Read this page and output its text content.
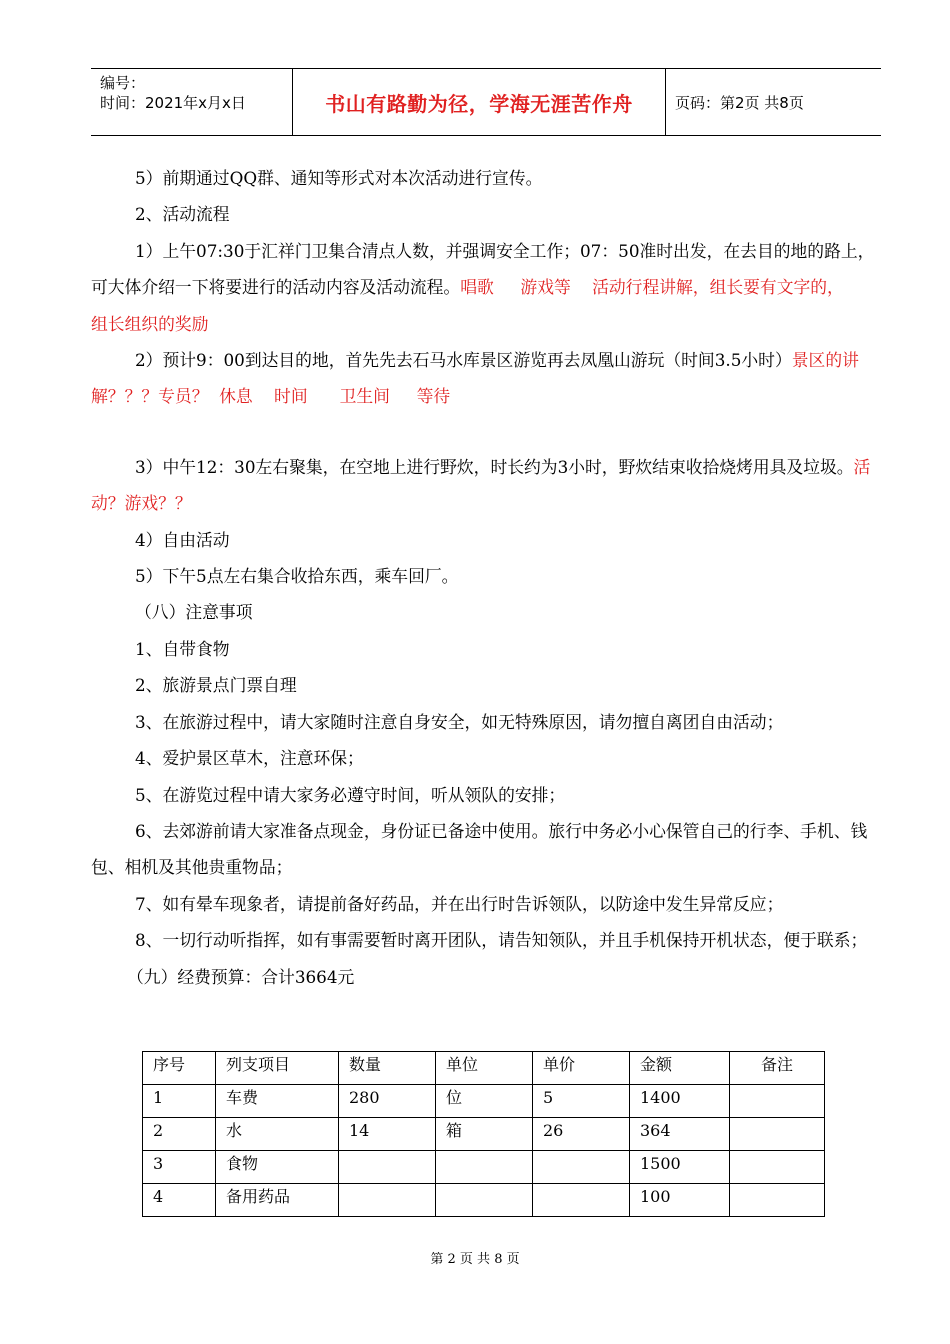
编号：
时间：2021年x月x日	书山有路勤为径，学海无涯苦作舟	页码：第2页 共8页

5）前期通过QQ群、通知等形式对本次活动进行宣传。

2、活动流程

1）上午07:30于汇祥门卫集合清点人数，并强调安全工作；07：50准时出发，在去目的地的路上，可大体介绍一下将要进行的活动内容及活动流程。唱歌     游戏等    活动行程讲解，组长要有文字的，      组长组织的奖励

2）预计9：00到达目的地，首先先去石马水库景区游览再去凤凰山游玩（时间3.5小时）景区的讲解？？？专员？  休息    时间      卫生间     等待

3）中午12：30左右聚集，在空地上进行野炊，时长约为3小时，野炊结束收拾烧烤用具及垃圾。活动？游戏？？

4）自由活动

5）下午5点左右集合收拾东西，乘车回厂。

（八）注意事项

1、自带食物

2、旅游景点门票自理

3、在旅游过程中，请大家随时注意自身安全，如无特殊原因，请勿擅自离团自由活动；

4、爱护景区草木，注意环保；

5、在游览过程中请大家务必遵守时间，听从领队的安排；

6、去郊游前请大家准备点现金，身份证已备途中使用。旅行中务必小心保管自己的行李、手机、钱包、相机及其他贵重物品；

7、如有晕车现象者，请提前备好药品，并在出行时告诉领队，以防途中发生异常反应；

8、一切行动听指挥，如有事需要暂时离开团队，请告知领队，并且手机保持开机状态，便于联系；

（九）经费预算：合计3664元

序号	列支项目	数量	单位	单价	金额	备注
1	车费	280	位	5	1400	
2	水	14	箱	26	364	
3	食物				1500	
4	备用药品				100	
第 2 页 共 8 页
